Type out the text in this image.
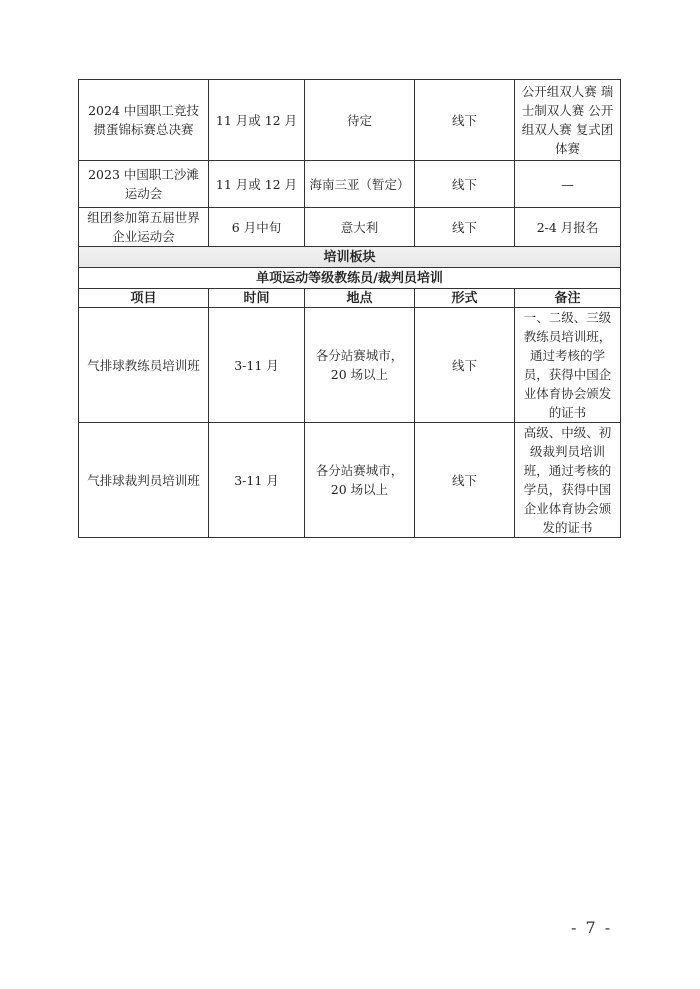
2024 中国职工竞技掼蛋锦标赛总决赛	11 月或 12 月	待定	线下	公开组双人赛 瑞士制双人赛 公开组双人赛 复式团体赛
2023 中国职工沙滩运动会	11 月或 12 月	海南三亚（暂定）	线下	—
组团参加第五届世界企业运动会	6 月中旬	意大利	线下	2-4 月报名
培训板块				
单项运动等级教练员/裁判员培训				
项目	时间	地点	形式	备注
气排球教练员培训班	3-11 月	各分站赛城市，20 场以上	线下	一、二级、三级教练员培训班，通过考核的学员，获得中国企业体育协会颁发的证书
气排球裁判员培训班	3-11 月	各分站赛城市，20 场以上	线下	高级、中级、初级裁判员培训班，通过考核的学员，获得中国企业体育协会颁发的证书
- 7 -
